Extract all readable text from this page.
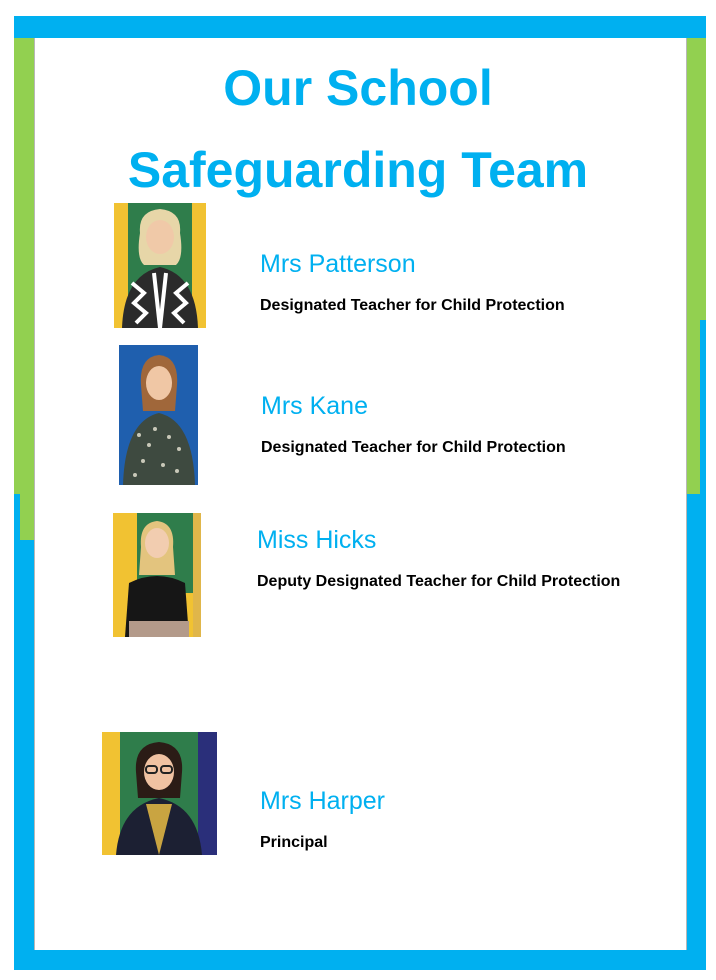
Our School
Safeguarding Team
Mrs Patterson
Designated Teacher for Child Protection
Mrs Kane
Designated Teacher for Child Protection
Miss Hicks
Deputy Designated Teacher for Child Protection
Mrs Harper
Principal
